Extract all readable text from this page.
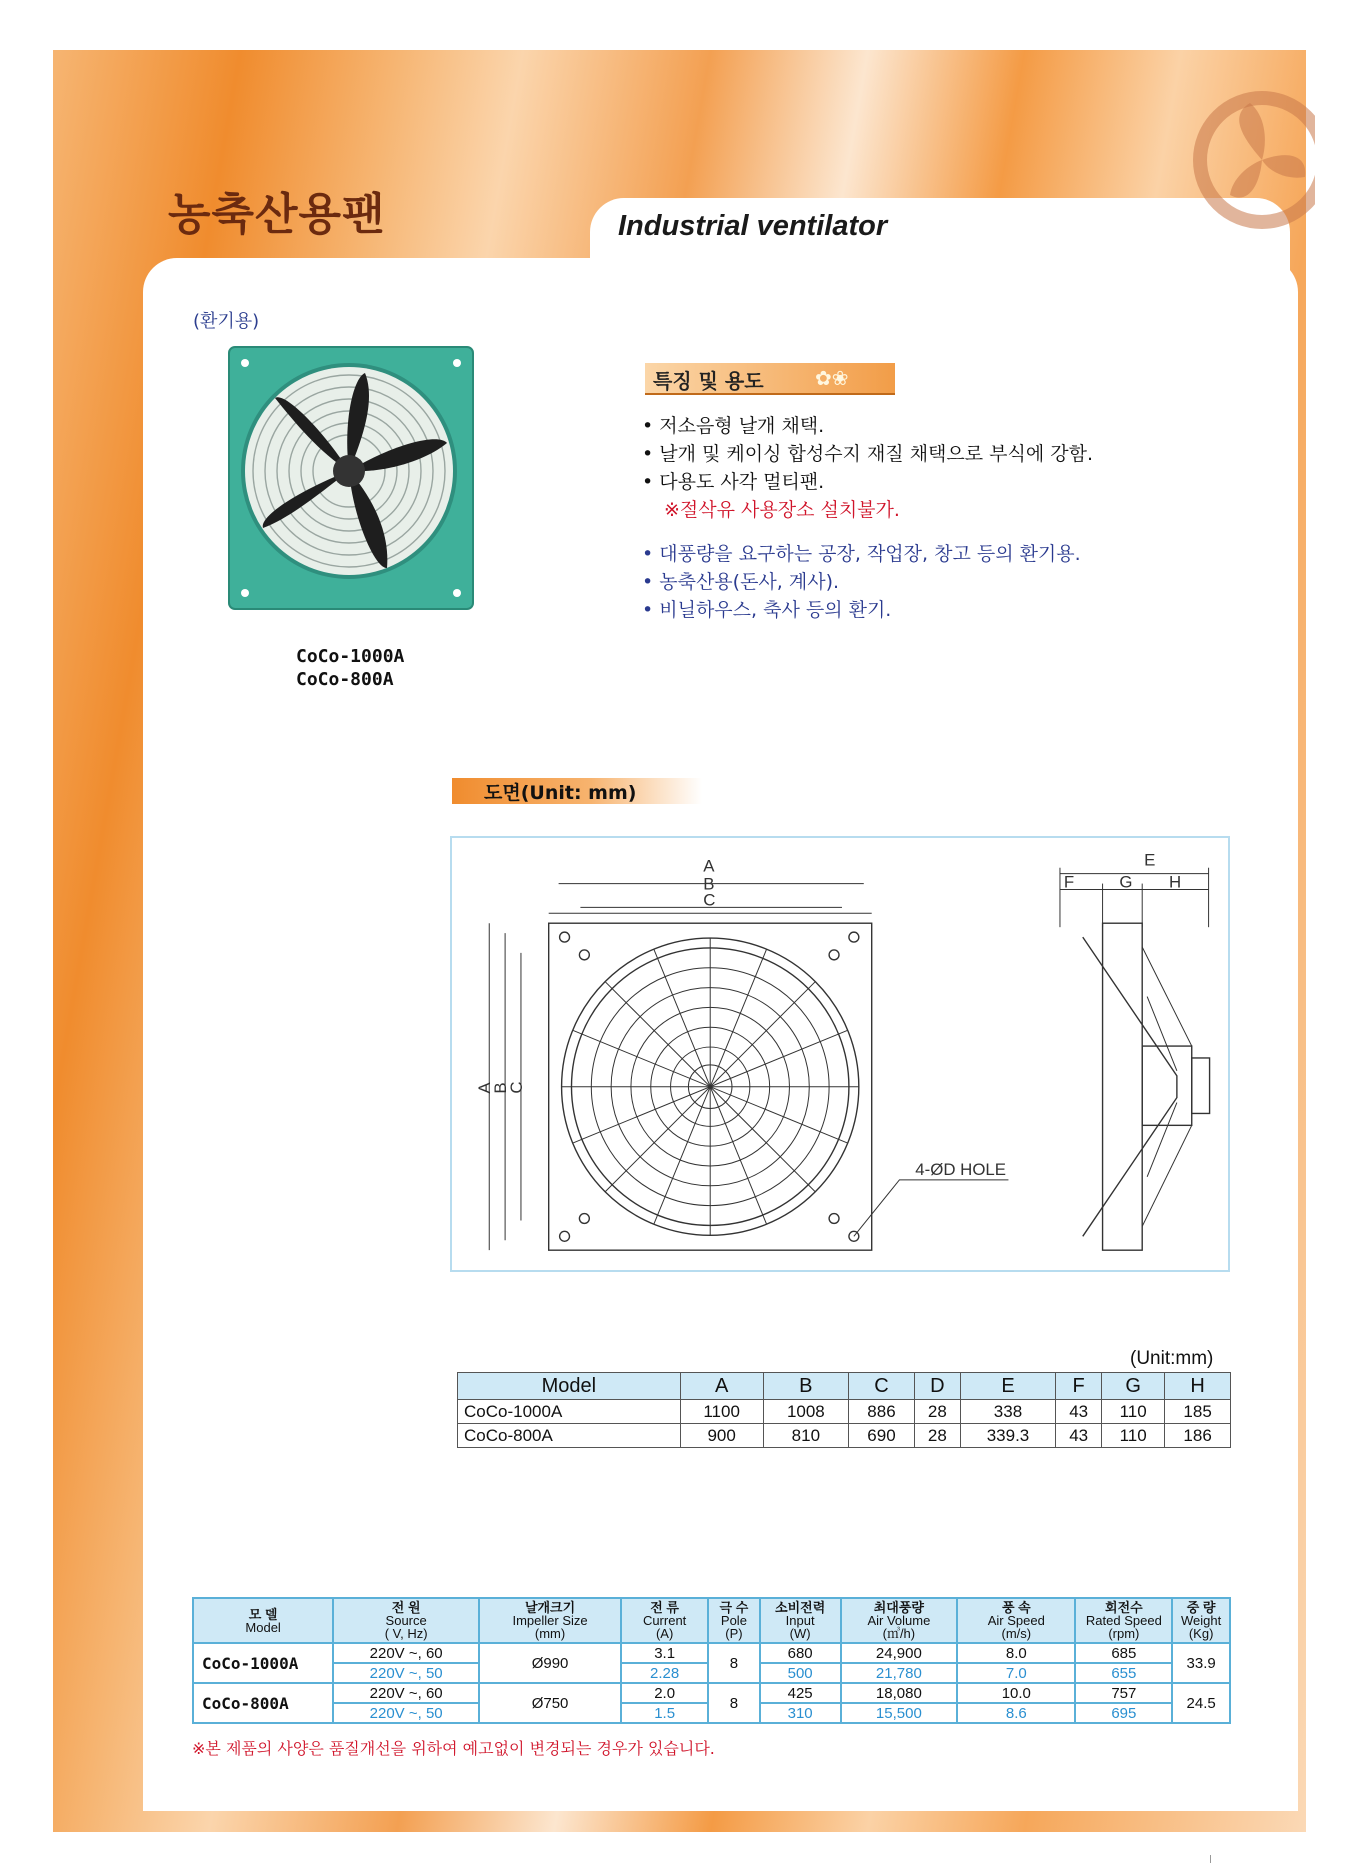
농축산용팬	Industrial ventilator
(환기용)
CoCo-1000A
CoCo-800A
특징 및 용도	✿❀
• 저소음형 날개 채택.
• 날개 및 케이싱 합성수지 재질 채택으로 부식에 강함.
• 다용도 사각 멀티팬.
※절삭유 사용장소 설치불가.
• 대풍량을 요구하는 공장, 작업장, 창고 등의 환기용.
• 농축산용(돈사, 계사).
• 비닐하우스, 축사 등의 환기.
도면(Unit: mm)
A
B
C
A
B
C
4-ØD HOLE
E
F	G H
(Unit:mm)
Model	A	B	C	D	E	F	G	H
CoCo-1000A	1100	1008	886	28	338	43	110	185
CoCo-800A	900	810	690	28	339.3	43	110	186
모 델
Model	전 원
Source
( V, Hz)	날개크기
Impeller Size
(mm)	전 류
Current
(A)	극 수
Pole
(P)	소비전력
Input
(W)	최대풍량
Air Volume
(㎥/h)	풍 속
Air Speed
(m/s)	회전수
Rated Speed
(rpm)	중 량
Weight
(Kg)

CoCo-1000A	220V ~, 60	Ø990	3.1	8	680	24,900	8.0	685	33.9
	220V ~, 50		2.28		500	21,780	7.0	655	
CoCo-800A	220V ~, 60	Ø750	2.0	8	425	18,080	10.0	757	24.5
	220V ~, 50		1.5		310	15,500	8.6	695	
※본 제품의 사양은 품질개선을 위하여 예고없이 변경되는 경우가 있습니다.
